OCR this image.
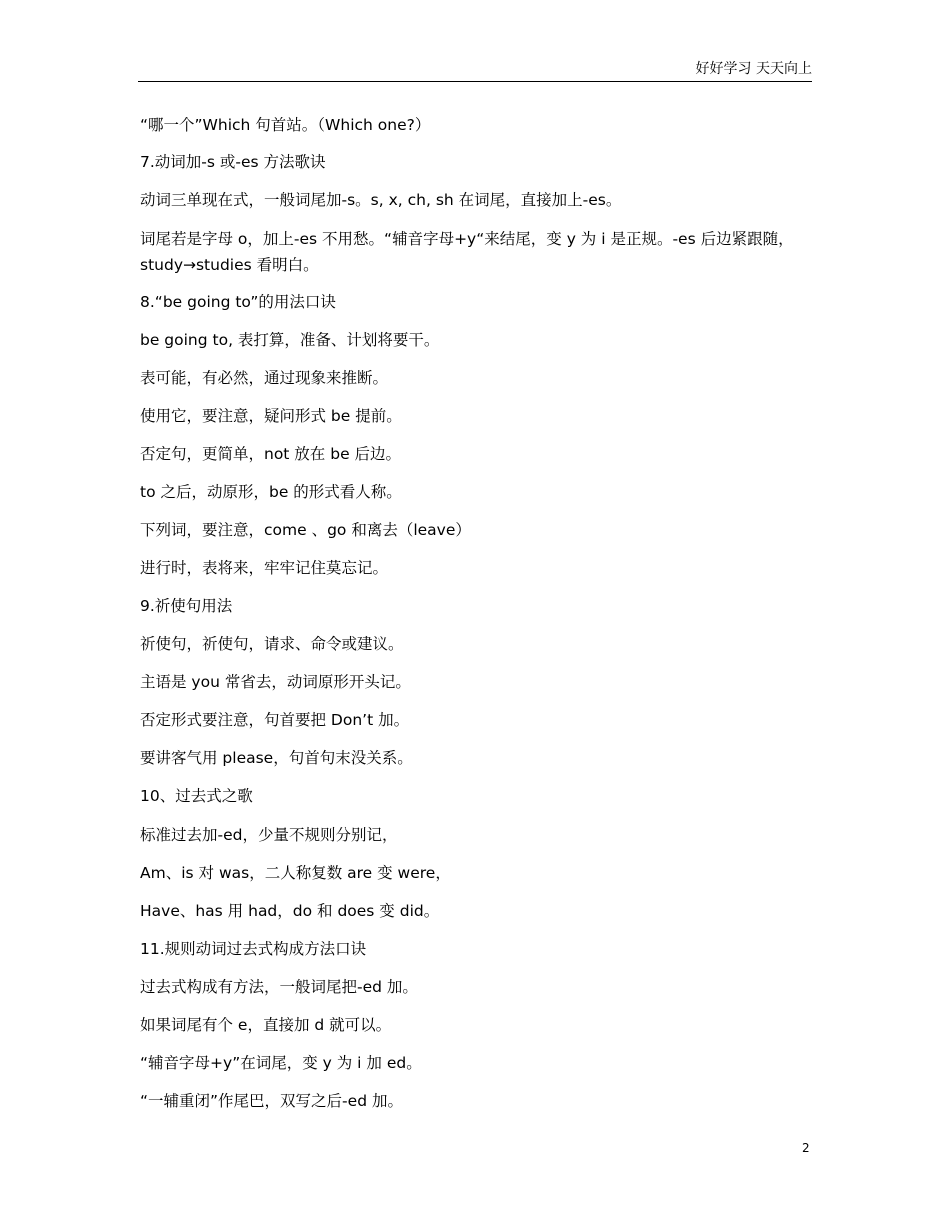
好好学习 天天向上
“哪一个”Which 句首站。（Which one?）
7.动词加-s 或-es 方法歌诀
动词三单现在式，一般词尾加-s。s, x, ch, sh 在词尾，直接加上-es。
词尾若是字母 o，加上-es 不用愁。“辅音字母+y“来结尾，变 y 为 i 是正规。-es 后边紧跟随，study→studies 看明白。
8.“be going to”的用法口诀
be going to, 表打算，准备、计划将要干。
表可能，有必然，通过现象来推断。
使用它，要注意，疑问形式 be 提前。
否定句，更简单，not 放在 be 后边。
to 之后，动原形，be 的形式看人称。
下列词，要注意，come 、go 和离去（leave）
进行时，表将来，牢牢记住莫忘记。
9.祈使句用法
祈使句，祈使句，请求、命令或建议。
主语是 you 常省去，动词原形开头记。
否定形式要注意，句首要把 Don’t 加。
要讲客气用 please，句首句末没关系。
10、过去式之歌
标准过去加-ed，少量不规则分别记，
Am、is 对 was，二人称复数 are 变 were，
Have、has 用 had，do 和 does 变 did。
11.规则动词过去式构成方法口诀
过去式构成有方法，一般词尾把-ed 加。
如果词尾有个 e，直接加 d 就可以。
“辅音字母+y”在词尾，变 y 为 i 加 ed。
“一辅重闭”作尾巴，双写之后-ed 加。
2
